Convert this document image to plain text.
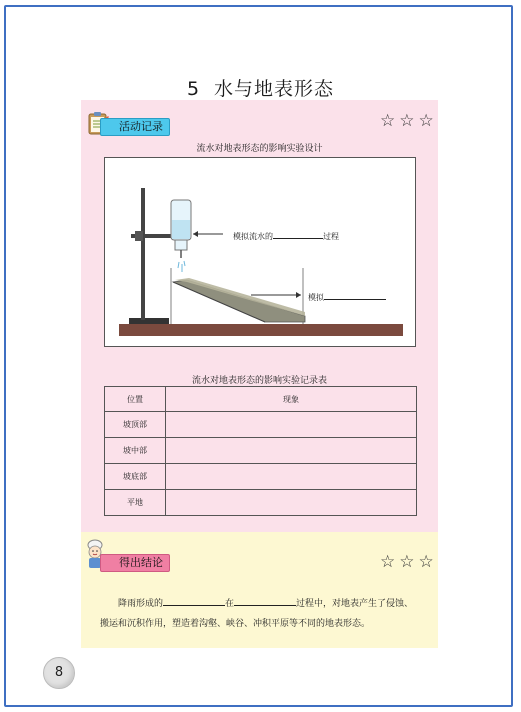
5 水与地表形态
活动记录	☆☆☆
流水对地表形态的影响实验设计
模拟流水的	过程
模拟
流水对地表形态的影响实验记录表
位置	现象
坡顶部	
坡中部	
坡底部	
平地	
得出结论	☆☆☆
降雨形成的	在	过程中，对地表产生了侵蚀、搬运和沉积作用，塑造着沟壑、峡谷、冲积平原等不同的地表形态。
8
